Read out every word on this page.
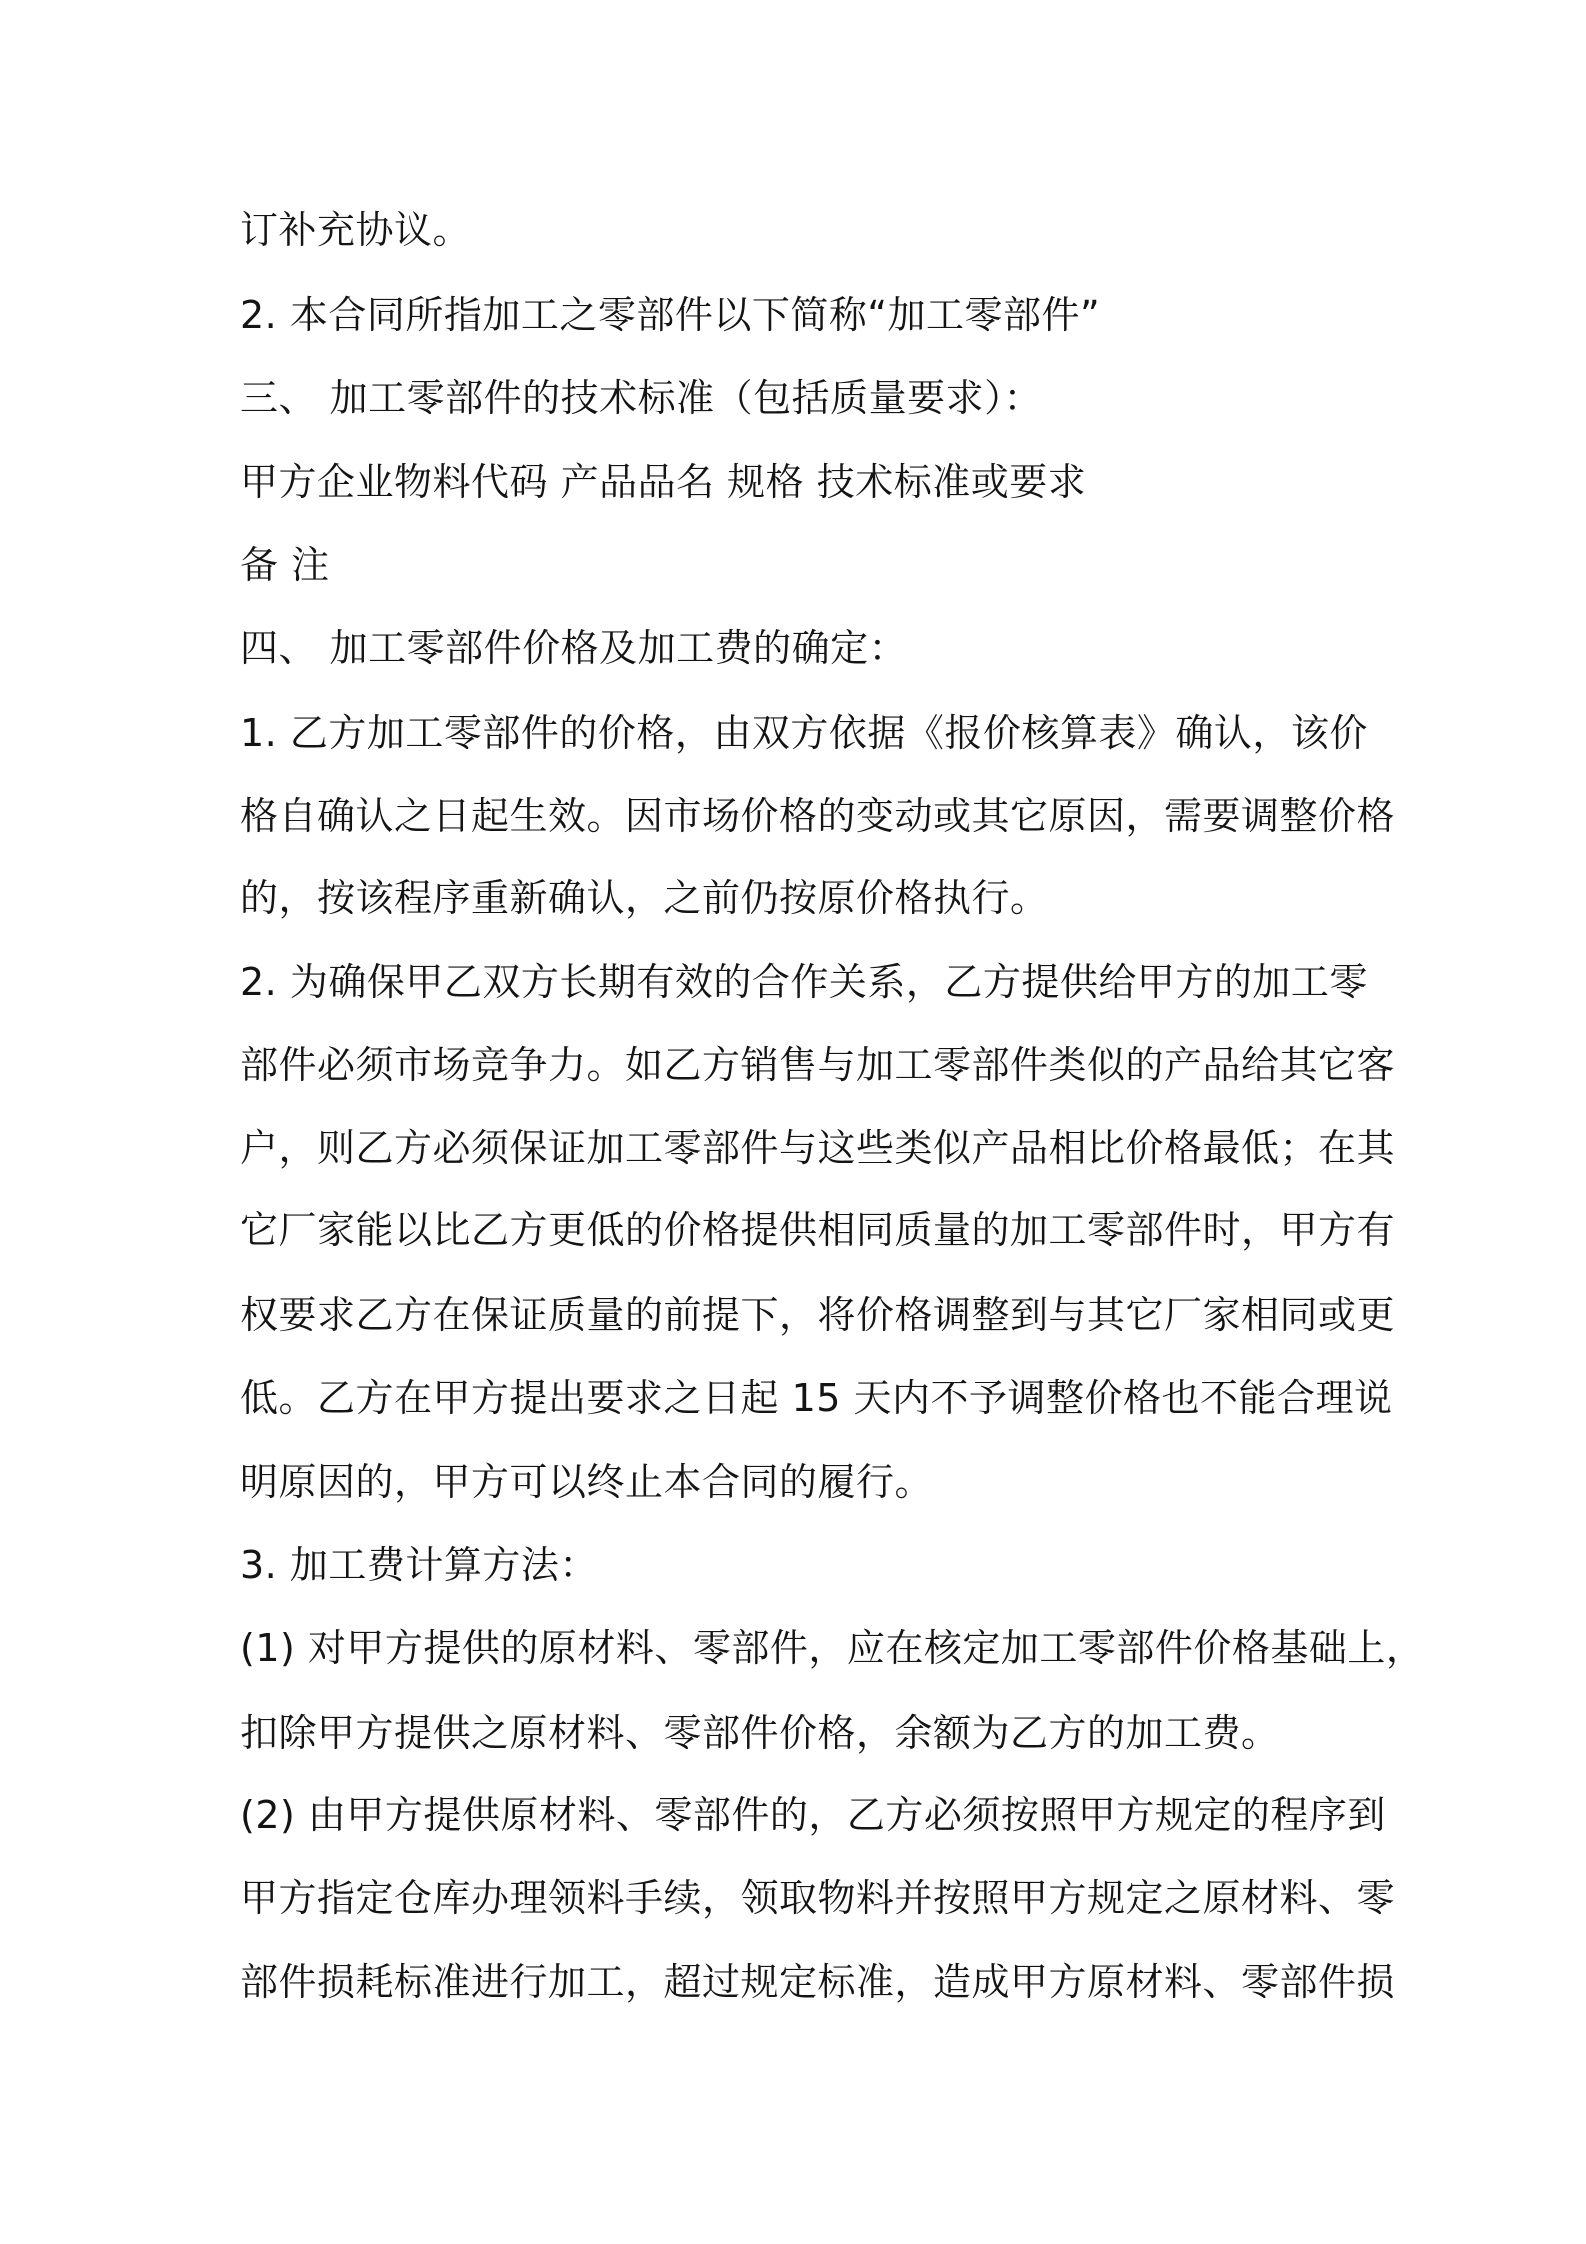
订补充协议。

2. 本合同所指加工之零部件以下简称“加工零部件”

三、 加工零部件的技术标准（包括质量要求）：

甲方企业物料代码 产品品名 规格 技术标准或要求

备 注

四、 加工零部件价格及加工费的确定：

1. 乙方加工零部件的价格，由双方依据《报价核算表》确认，该价

格自确认之日起生效。因市场价格的变动或其它原因，需要调整价格

的，按该程序重新确认，之前仍按原价格执行。

2. 为确保甲乙双方长期有效的合作关系，乙方提供给甲方的加工零

部件必须市场竞争力。如乙方销售与加工零部件类似的产品给其它客

户，则乙方必须保证加工零部件与这些类似产品相比价格最低；在其

它厂家能以比乙方更低的价格提供相同质量的加工零部件时，甲方有

权要求乙方在保证质量的前提下，将价格调整到与其它厂家相同或更

低。乙方在甲方提出要求之日起 15 天内不予调整价格也不能合理说

明原因的，甲方可以终止本合同的履行。

3. 加工费计算方法：

(1) 对甲方提供的原材料、零部件，应在核定加工零部件价格基础上，

扣除甲方提供之原材料、零部件价格，余额为乙方的加工费。

(2) 由甲方提供原材料、零部件的，乙方必须按照甲方规定的程序到

甲方指定仓库办理领料手续，领取物料并按照甲方规定之原材料、零

部件损耗标准进行加工，超过规定标准，造成甲方原材料、零部件损
